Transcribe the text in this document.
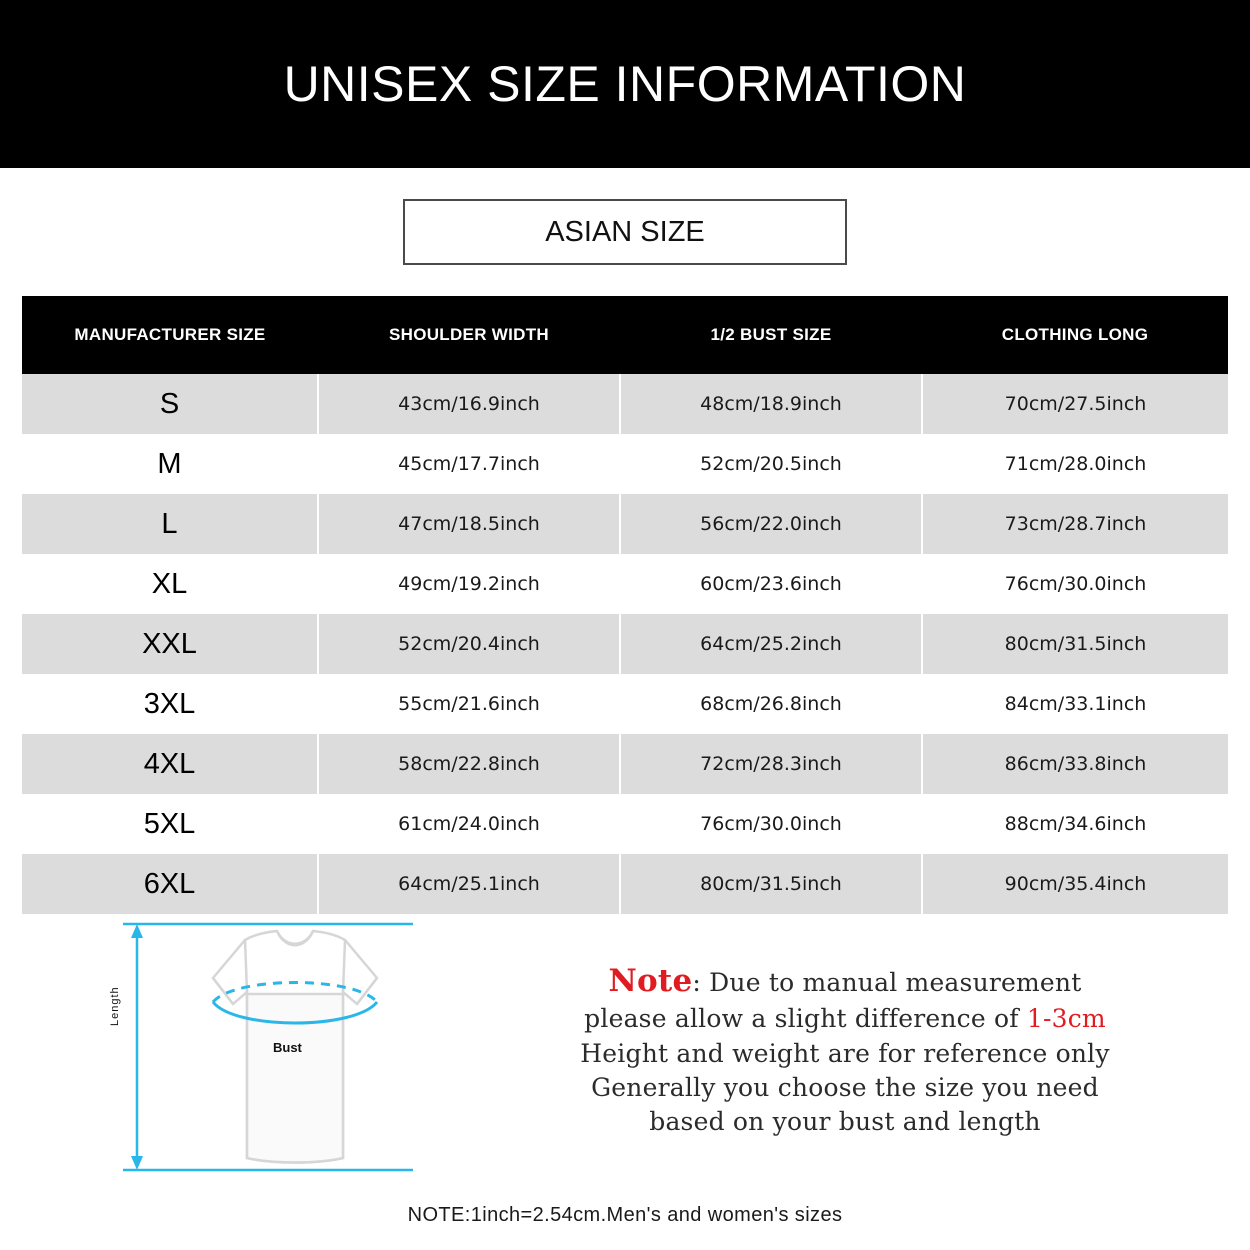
UNISEX SIZE INFORMATION
ASIAN SIZE
MANUFACTURER SIZE	SHOULDER WIDTH	1/2 BUST SIZE	CLOTHING LONG
S	43cm/16.9inch	48cm/18.9inch	70cm/27.5inch
M	45cm/17.7inch	52cm/20.5inch	71cm/28.0inch
L	47cm/18.5inch	56cm/22.0inch	73cm/28.7inch
XL	49cm/19.2inch	60cm/23.6inch	76cm/30.0inch
XXL	52cm/20.4inch	64cm/25.2inch	80cm/31.5inch
3XL	55cm/21.6inch	68cm/26.8inch	84cm/33.1inch
4XL	58cm/22.8inch	72cm/28.3inch	86cm/33.8inch
5XL	61cm/24.0inch	76cm/30.0inch	88cm/34.6inch
6XL	64cm/25.1inch	80cm/31.5inch	90cm/35.4inch
Length
Bust
Note: Due to manual measurement
please allow a slight difference of 1-3cm
Height and weight are for reference only
Generally you choose the size you need
based on your bust and length
NOTE:1inch=2.54cm.Men's and women's sizes
